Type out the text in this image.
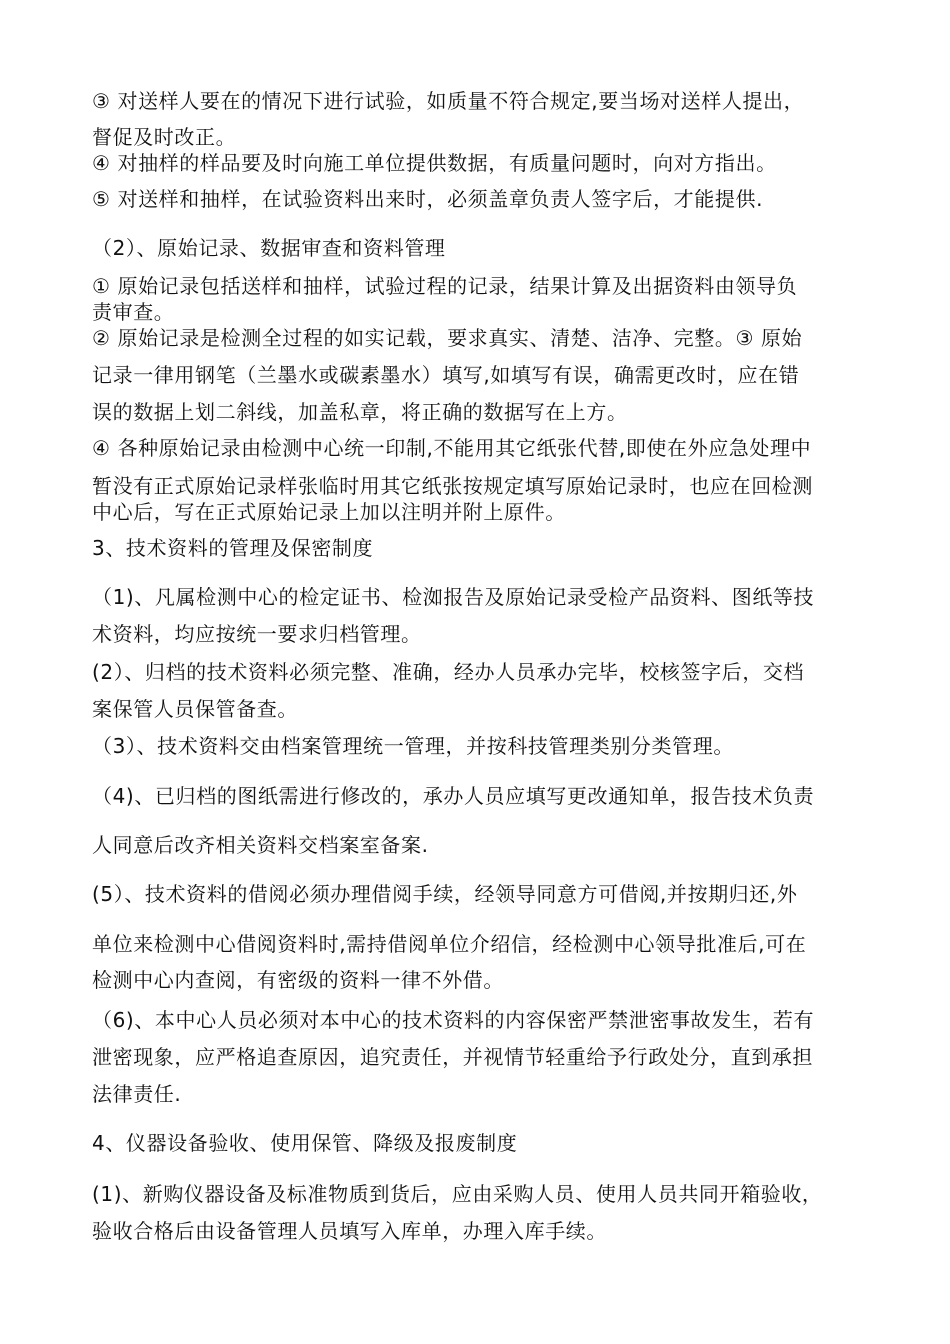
③ 对送样人要在的情况下进行试验，如质量不符合规定,要当场对送样人提出，
督促及时改正。
④ 对抽样的样品要及时向施工单位提供数据，有质量问题时，向对方指出。
⑤ 对送样和抽样，在试验资料出来时，必须盖章负责人签字后，才能提供.
（2）、原始记录、数据审查和资料管理
① 原始记录包括送样和抽样，试验过程的记录，结果计算及出据资料由领导负
责审查。
② 原始记录是检测全过程的如实记载，要求真实、清楚、洁净、完整。③ 原始
记录一律用钢笔（兰墨水或碳素墨水）填写,如填写有误，确需更改时，应在错
误的数据上划二斜线，加盖私章，将正确的数据写在上方。
④ 各种原始记录由检测中心统一印制,不能用其它纸张代替,即使在外应急处理中
暂没有正式原始记录样张临时用其它纸张按规定填写原始记录时，也应在回检测
中心后，写在正式原始记录上加以注明并附上原件。
3、技术资料的管理及保密制度
（1)、凡属检测中心的检定证书、检洳报告及原始记录受检产品资料、图纸等技
术资料，均应按统一要求归档管理。
(2）、归档的技术资料必须完整、准确，经办人员承办完毕，校核签字后，交档
案保管人员保管备查。
（3）、技术资料交由档案管理统一管理，并按科技管理类别分类管理。
（4)、已归档的图纸需进行修改的，承办人员应填写更改通知单，报告技术负责
人同意后改齐相关资料交档案室备案.
(5）、技术资料的借阅必须办理借阅手续，经领导同意方可借阅,并按期归还,外
单位来检测中心借阅资料时,需持借阅单位介绍信，经检测中心领导批准后,可在
检测中心内查阅，有密级的资料一律不外借。
（6)、本中心人员必须对本中心的技术资料的内容保密严禁泄密事故发生，若有
泄密现象，应严格追查原因，追究责任，并视情节轻重给予行政处分，直到承担
法律责任.
4、仪器设备验收、使用保管、降级及报废制度
(1)、新购仪器设备及标准物质到货后，应由采购人员、使用人员共同开箱验收，
验收合格后由设备管理人员填写入库单，办理入库手续。
